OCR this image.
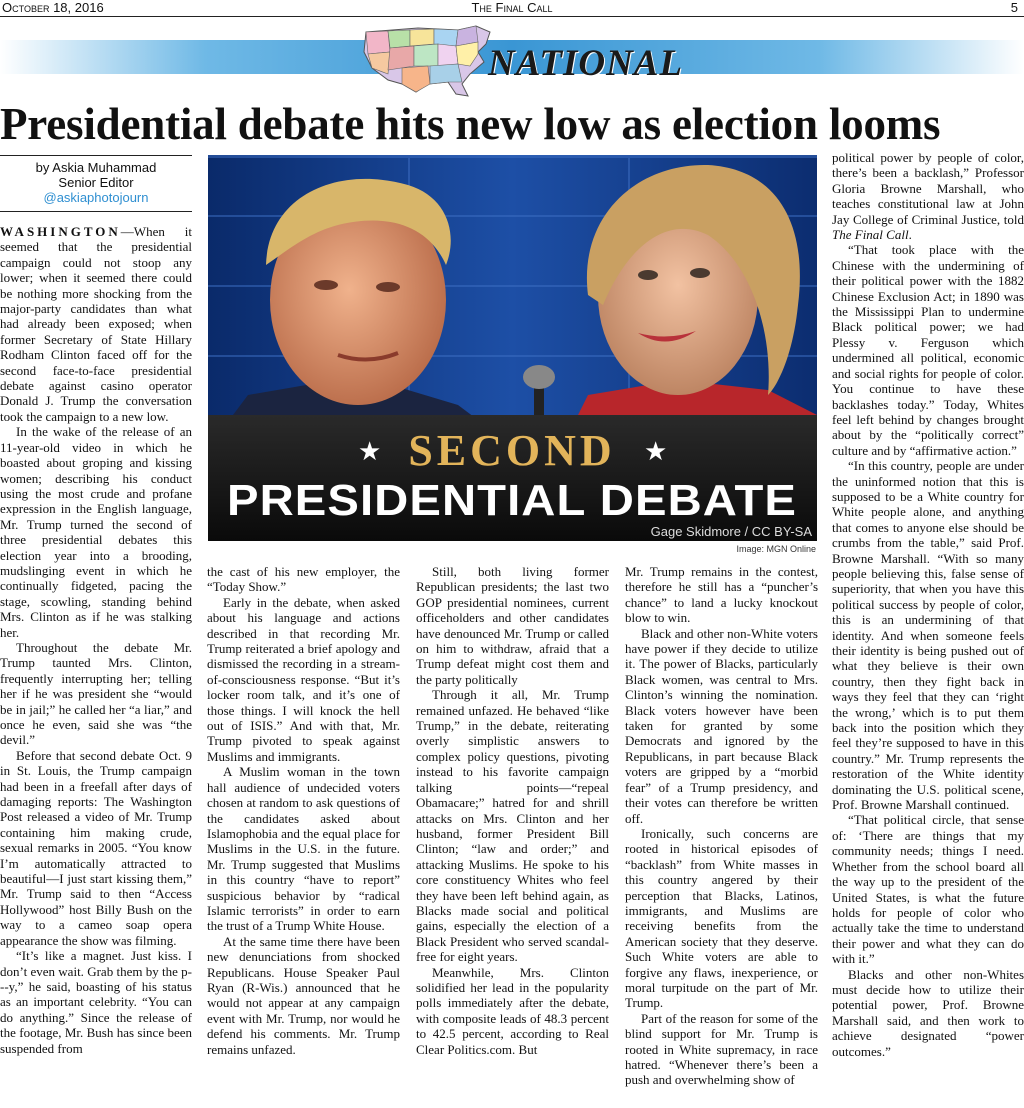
October 18, 2016	The Final Call	5
NATIONAL
Presidential debate hits new low as election looms
by Askia Muhammad
Senior Editor
@askiaphotojourn
★	★
SECOND
PRESIDENTIAL DEBATE
Gage Skidmore / CC BY-SA
Image: MGN Online

WASHINGTON—When it seemed that the presidential campaign could not stoop any lower; when it seemed there could be nothing more shocking from the major-party candidates than what had already been exposed; when former Secretary of State Hillary Rodham Clinton faced off for the second face-to-face presidential debate against casino operator Donald J. Trump the conversation took the campaign to a new low.

In the wake of the release of an 11-year-old video in which he boasted about groping and kissing women; describing his conduct using the most crude and profane expression in the English language, Mr. Trump turned the second of three presidential debates this election year into a brooding, mudslinging event in which he continually fidgeted, pacing the stage, scowling, standing behind Mrs. Clinton as if he was stalking her.

Throughout the debate Mr. Trump taunted Mrs. Clinton, frequently interrupting her; telling her if he was president she “would be in jail;” he called her “a liar,” and once he even, said she was “the devil.”

Before that second debate Oct. 9 in St. Louis, the Trump campaign had been in a freefall after days of damaging reports: The Washington Post released a video of Mr. Trump containing him making crude, sexual remarks in 2005. “You know I’m automatically attracted to beautiful—I just start kissing them,” Mr. Trump said to then “Access Hollywood” host Billy Bush on the way to a cameo soap opera appearance the show was filming.

“It’s like a magnet. Just kiss. I don’t even wait. Grab them by the p---y,” he said, boasting of his status as an important celebrity. “You can do anything.” Since the release of the footage, Mr. Bush has since been suspended from

the cast of his new employer, the “Today Show.”

Early in the debate, when asked about his language and actions described in that recording Mr. Trump reiterated a brief apology and dismissed the recording in a stream-of-consciousness response. “But it’s locker room talk, and it’s one of those things. I will knock the hell out of ISIS.” And with that, Mr. Trump pivoted to speak against Muslims and immigrants.

A Muslim woman in the town hall audience of undecided voters chosen at random to ask questions of the candidates asked about Islamophobia and the equal place for Muslims in the U.S. in the future. Mr. Trump suggested that Muslims in this country “have to report” suspicious behavior by “radical Islamic terrorists” in order to earn the trust of a Trump White House.

At the same time there have been new denunciations from shocked Republicans. House Speaker Paul Ryan (R-Wis.) announced that he would not appear at any campaign event with Mr. Trump, nor would he defend his comments. Mr. Trump remains unfazed.

Still, both living former Republican presidents; the last two GOP presidential nominees, current officeholders and other candidates have denounced Mr. Trump or called on him to withdraw, afraid that a Trump defeat might cost them and the party politically

Through it all, Mr. Trump remained unfazed. He behaved “like Trump,” in the debate, reiterating overly simplistic answers to complex policy questions, pivoting instead to his favorite campaign talking points—“repeal Obamacare;” hatred for and shrill attacks on Mrs. Clinton and her husband, former President Bill Clinton; “law and order;” and attacking Muslims. He spoke to his core constituency Whites who feel they have been left behind again, as Blacks made social and political gains, especially the election of a Black President who served scandal-free for eight years.

Meanwhile, Mrs. Clinton solidified her lead in the popularity polls immediately after the debate, with composite leads of 48.3 percent to 42.5 percent, according to Real Clear Politics.com. But

Mr. Trump remains in the contest, therefore he still has a “puncher’s chance” to land a lucky knockout blow to win.

Black and other non-White voters have power if they decide to utilize it. The power of Blacks, particularly Black women, was central to Mrs. Clinton’s winning the nomination. Black voters however have been taken for granted by some Democrats and ignored by the Republicans, in part because Black voters are gripped by a “morbid fear” of a Trump presidency, and their votes can therefore be written off.

Ironically, such concerns are rooted in historical episodes of “backlash” from White masses in this country angered by their perception that Blacks, Latinos, immigrants, and Muslims are receiving benefits from the American society that they deserve. Such White voters are able to forgive any flaws, inexperience, or moral turpitude on the part of Mr. Trump.

Part of the reason for some of the blind support for Mr. Trump is rooted in White supremacy, in race hatred. “Whenever there’s been a push and overwhelming show of

political power by people of color, there’s been a backlash,” Professor Gloria Browne Marshall, who teaches constitutional law at John Jay College of Criminal Justice, told The Final Call.

“That took place with the Chinese with the undermining of their political power with the 1882 Chinese Exclusion Act; in 1890 was the Mississippi Plan to undermine Black political power; we had Plessy v. Ferguson which undermined all political, economic and social rights for people of color. You continue to have these backlashes today.” Today, Whites feel left behind by changes brought about by the “politically correct” culture and by “affirmative action.”

“In this country, people are under the uninformed notion that this is supposed to be a White country for White people alone, and anything that comes to anyone else should be crumbs from the table,” said Prof. Browne Marshall. “With so many people believing this, false sense of superiority, that when you have this political success by people of color, this is an undermining of that identity. And when someone feels their identity is being pushed out of what they believe is their own country, then they fight back in ways they feel that they can ‘right the wrong,’ which is to put them back into the position which they feel they’re supposed to have in this country.” Mr. Trump represents the restoration of the White identity dominating the U.S. political scene, Prof. Browne Marshall continued.

“That political circle, that sense of: ‘There are things that my community needs; things I need. Whether from the school board all the way up to the president of the United States, is what the future holds for people of color who actually take the time to understand their power and what they can do with it.”

Blacks and other non-Whites must decide how to utilize their potential power, Prof. Browne Marshall said, and then work to achieve designated “power outcomes.”
